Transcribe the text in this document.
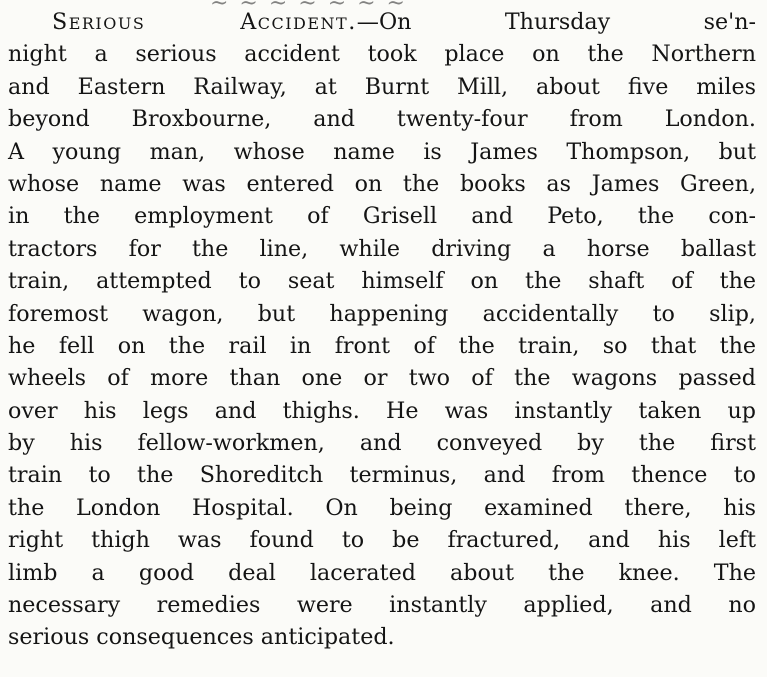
~ ~ ~ ~ ~ ~ ~
Serious Accident.—On Thursday se'n-
night a serious accident took place on the Northern
and Eastern Railway, at Burnt Mill, about five miles
beyond Broxbourne, and twenty-four from London.
A young man, whose name is James Thompson, but
whose name was entered on the books as James Green,
in the employment of Grisell and Peto, the con-
tractors for the line, while driving a horse ballast
train, attempted to seat himself on the shaft of the
foremost wagon, but happening accidentally to slip,
he fell on the rail in front of the train, so that the
wheels of more than one or two of the wagons passed
over his legs and thighs. He was instantly taken up
by his fellow-workmen, and conveyed by the first
train to the Shoreditch terminus, and from thence to
the London Hospital. On being examined there, his
right thigh was found to be fractured, and his left
limb a good deal lacerated about the knee. The
necessary remedies were instantly applied, and no
serious consequences anticipated.
